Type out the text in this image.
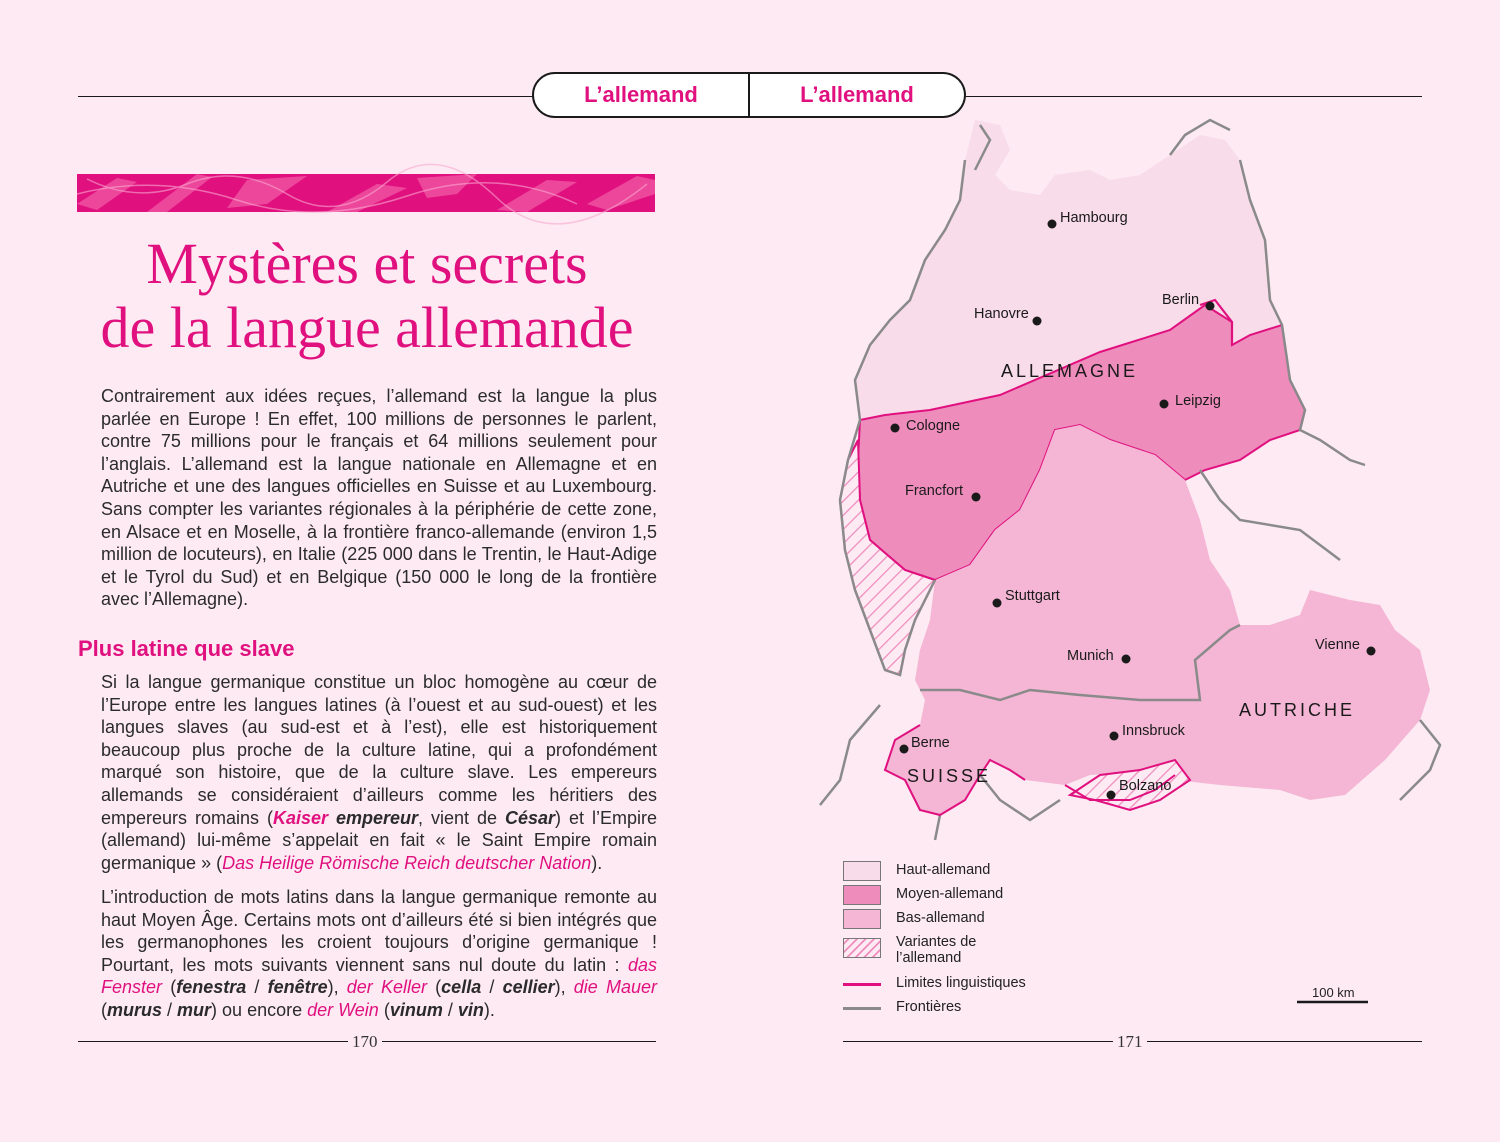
L’allemand	L’allemand
Mystères et secrets
de la langue allemande

Contrairement aux idées reçues, l’allemand est la langue la plus parlée en Europe ! En effet, 100 millions de personnes le parlent, contre 75 millions pour le français et 64 millions seulement pour l’anglais. L’allemand est la langue nationale en Allemagne et en Autriche et une des langues officielles en Suisse et au Luxembourg. Sans compter les variantes régionales à la périphérie de cette zone, en Alsace et en Moselle, à la frontière franco-allemande (environ 1,5 million de locuteurs), en Italie (225 000 dans le Trentin, le Haut-Adige et le Tyrol du Sud) et en Belgique (150 000 le long de la frontière avec l’Allemagne).

Plus latine que slave

Si la langue germanique constitue un bloc homogène au cœur de l’Europe entre les langues latines (à l’ouest et au sud-ouest) et les langues slaves (au sud-est et à l’est), elle est historiquement beaucoup plus proche de la culture latine, qui a profondément marqué son histoire, que de la culture slave. Les empereurs allemands se considéraient d’ailleurs comme les héritiers des empereurs romains (Kaiser empereur, vient de César) et l’Empire (allemand) lui-même s’appelait en fait « le Saint Empire romain germanique » (Das Heilige Römische Reich deutscher Nation).

L’introduction de mots latins dans la langue germanique remonte au haut Moyen Âge. Certains mots ont d’ailleurs été si bien intégrés que les germanophones les croient toujours d’origine germanique ! Pourtant, les mots suivants viennent sans nul doute du latin : das Fenster (fenestra / fenêtre), der Keller (cella / cellier), die Mauer (murus / mur) ou encore der Wein (vinum / vin).

170	171
Hambourg
Hanovre
Berlin
Leipzig
Cologne
Francfort
Stuttgart
Munich
Vienne
Innsbruck
Berne
Bolzano
ALLEMAGNE
AUTRICHE
SUISSE
100 km
Haut-allemand
Moyen-allemand
Bas-allemand
Variantes de l’allemand
Limites linguistiques
Frontières
